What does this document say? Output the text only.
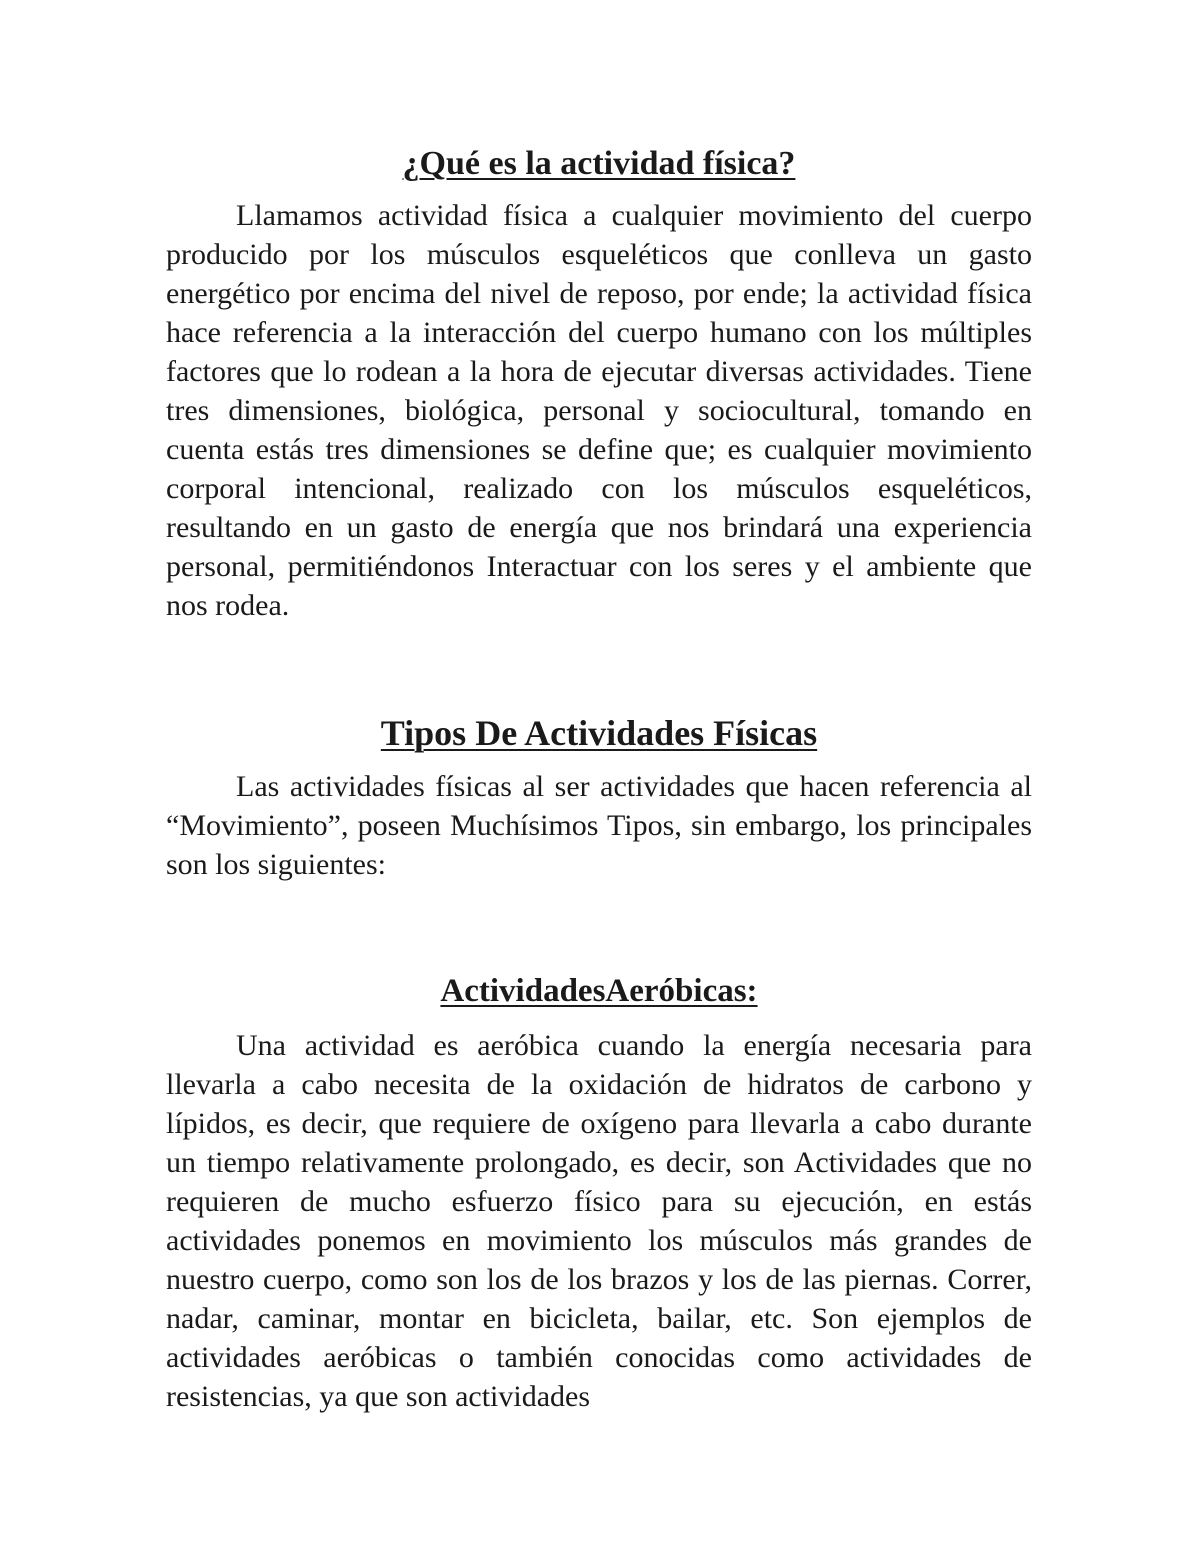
¿Qué es la actividad física?

Llamamos actividad física a cualquier movimiento del cuerpo producido por los músculos esqueléticos que conlleva un gasto energético por encima del nivel de reposo, por ende; la actividad física hace referencia a la interacción del cuerpo humano con los múltiples factores que lo rodean a la hora de ejecutar diversas actividades. Tiene tres dimensiones, biológica, personal y sociocultural, tomando en cuenta estás tres dimensiones se define que; es cualquier movimiento corporal intencional, realizado con los músculos esqueléticos, resultando en un gasto de energía que nos brindará una experiencia personal, permitiéndonos Interactuar con los seres y el ambiente que nos rodea.

Tipos De Actividades Físicas

Las actividades físicas al ser actividades que hacen referencia al “Movimiento”, poseen Muchísimos Tipos, sin embargo, los principales son los siguientes:

ActividadesAeróbicas:

Una actividad es aeróbica cuando la energía necesaria para llevarla a cabo necesita de la oxidación de hidratos de carbono y lípidos, es decir, que requiere de oxígeno para llevarla a cabo durante un tiempo relativamente prolongado, es decir, son Actividades que no requieren de mucho esfuerzo físico para su ejecución, en estás actividades ponemos en movimiento los músculos más grandes de nuestro cuerpo, como son los de los brazos y los de las piernas. Correr, nadar, caminar, montar en bicicleta, bailar, etc. Son ejemplos de actividades aeróbicas o también conocidas como actividades de resistencias, ya que son actividades
